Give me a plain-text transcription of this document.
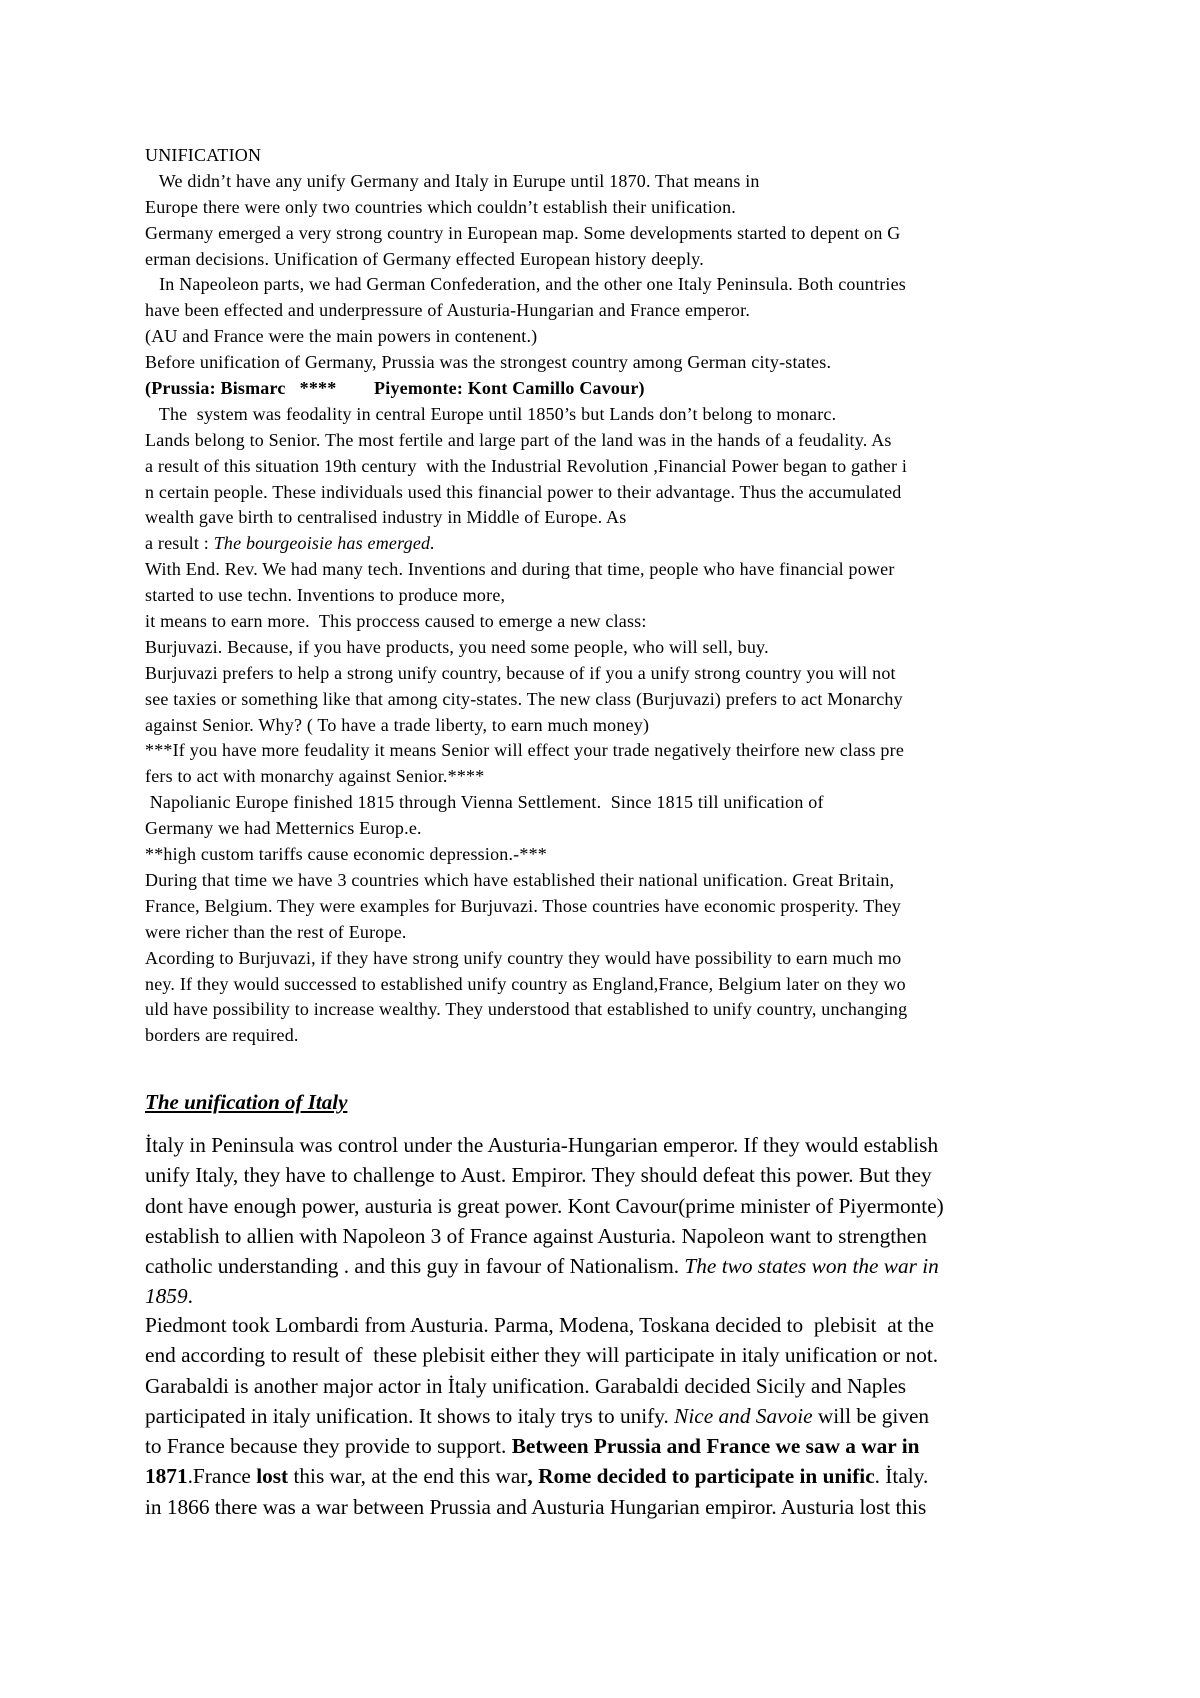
UNIFICATION
We didn’t have any unify Germany and Italy in Eurupe until 1870. That means in
Europe there were only two countries which couldn’t establish their unification.
Germany emerged a very strong country in European map. Some developments started to depent on G
erman decisions. Unification of Germany effected European history deeply.
In Napeoleon parts, we had German Confederation, and the other one Italy Peninsula. Both countries
have been effected and underpressure of Austuria-Hungarian and France emperor.
(AU and France were the main powers in contenent.)
Before unification of Germany, Prussia was the strongest country among German city-states.
(Prussia: Bismarc   ****        Piyemonte: Kont Camillo Cavour)
The  system was feodality in central Europe until 1850’s but Lands don’t belong to monarc.
Lands belong to Senior. The most fertile and large part of the land was in the hands of a feudality. As
a result of this situation 19th century  with the Industrial Revolution ,Financial Power began to gather i
n certain people. These individuals used this financial power to their advantage. Thus the accumulated
wealth gave birth to centralised industry in Middle of Europe. As
a result : The bourgeoisie has emerged.
With End. Rev. We had many tech. Inventions and during that time, people who have financial power
started to use techn. Inventions to produce more,
it means to earn more.  This proccess caused to emerge a new class:
Burjuvazi. Because, if you have products, you need some people, who will sell, buy.
Burjuvazi prefers to help a strong unify country, because of if you a unify strong country you will not
see taxies or something like that among city-states. The new class (Burjuvazi) prefers to act Monarchy
against Senior. Why? ( To have a trade liberty, to earn much money)
***If you have more feudality it means Senior will effect your trade negatively theirfore new class pre
fers to act with monarchy against Senior.****
Napolianic Europe finished 1815 through Vienna Settlement.  Since 1815 till unification of
Germany we had Metternics Europ.e.
**high custom tariffs cause economic depression.-***
During that time we have 3 countries which have established their national unification. Great Britain,
France, Belgium. They were examples for Burjuvazi. Those countries have economic prosperity. They
were richer than the rest of Europe.
Acording to Burjuvazi, if they have strong unify country they would have possibility to earn much mo
ney. If they would successed to established unify country as England,France, Belgium later on they wo
uld have possibility to increase wealthy. They understood that established to unify country, unchanging
borders are required.
The unification of Italy
İtaly in Peninsula was control under the Austuria-Hungarian emperor. If they would establish
unify Italy, they have to challenge to Aust. Empiror. They should defeat this power. But they
dont have enough power, austuria is great power. Kont Cavour(prime minister of Piyermonte)
establish to allien with Napoleon 3 of France against Austuria. Napoleon want to strengthen
catholic understanding . and this guy in favour of Nationalism. The two states won the war in
1859.
Piedmont took Lombardi from Austuria. Parma, Modena, Toskana decided to  plebisit  at the
end according to result of  these plebisit either they will participate in italy unification or not.
Garabaldi is another major actor in İtaly unification. Garabaldi decided Sicily and Naples
participated in italy unification. It shows to italy trys to unify. Nice and Savoie will be given
to France because they provide to support. Between Prussia and France we saw a war in
1871.France lost this war, at the end this war, Rome decided to participate in unific. İtaly.
in 1866 there was a war between Prussia and Austuria Hungarian empiror. Austuria lost this
